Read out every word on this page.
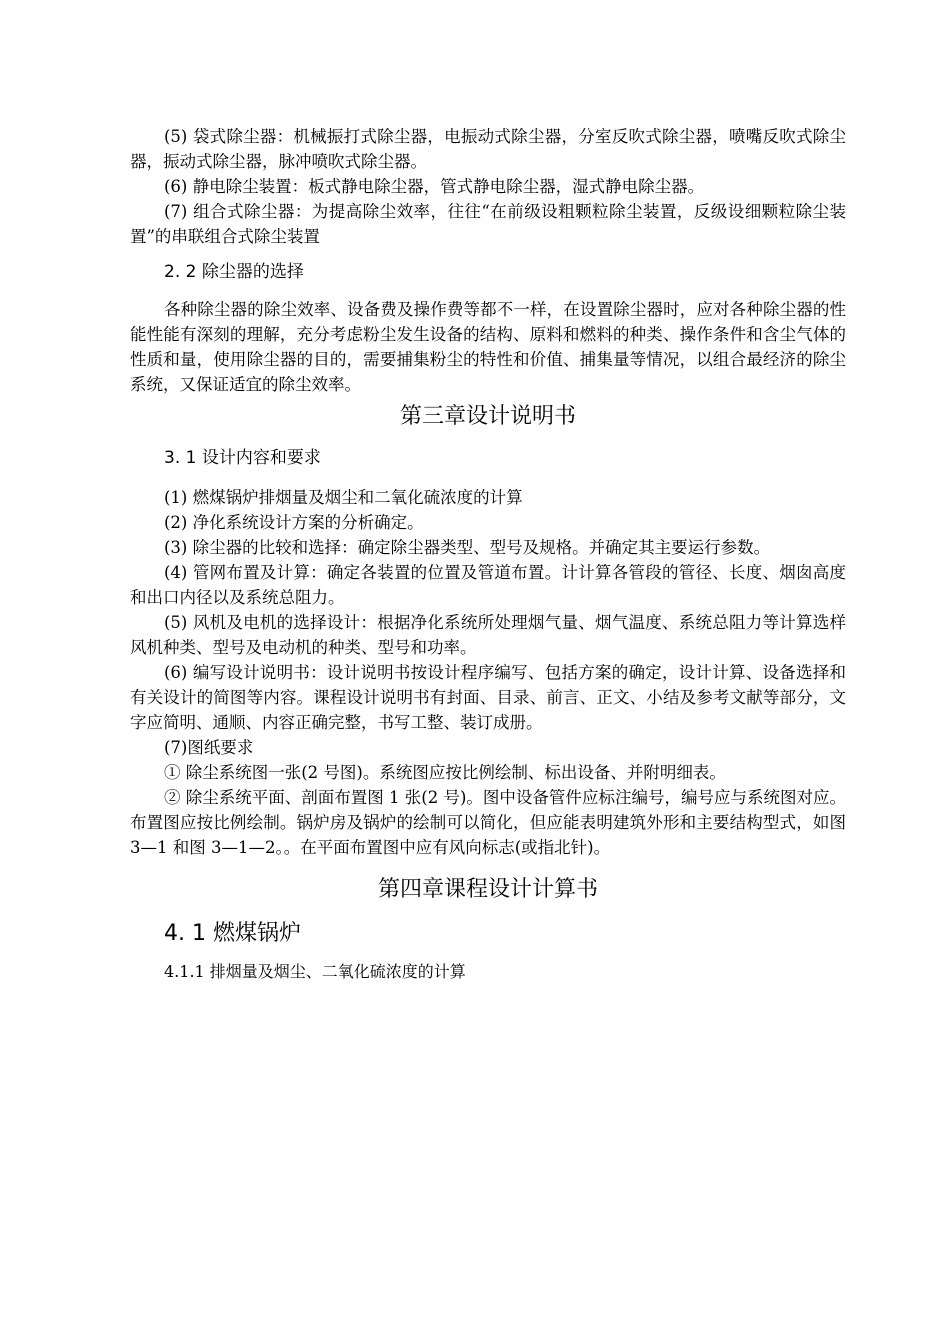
(5) 袋式除尘器：机械振打式除尘器，电振动式除尘器，分室反吹式除尘器，喷嘴反吹式除尘器，振动式除尘器，脉冲喷吹式除尘器。

(6) 静电除尘装置：板式静电除尘器，管式静电除尘器，湿式静电除尘器。

(7) 组合式除尘器：为提高除尘效率，往往“在前级设粗颗粒除尘装置，反级设细颗粒除尘装置”的串联组合式除尘装置

2. 2 除尘器的选择

各种除尘器的除尘效率、设备费及操作费等都不一样，在设置除尘器时，应对各种除尘器的性能性能有深刻的理解，充分考虑粉尘发生设备的结构、原料和燃料的种类、操作条件和含尘气体的性质和量，使用除尘器的目的，需要捕集粉尘的特性和价值、捕集量等情况，以组合最经济的除尘系统，又保证适宜的除尘效率。

第三章设计说明书
3. 1 设计内容和要求

(1) 燃煤锅炉排烟量及烟尘和二氧化硫浓度的计算

(2) 净化系统设计方案的分析确定。

(3) 除尘器的比较和选择：确定除尘器类型、型号及规格。并确定其主要运行参数。

(4) 管网布置及计算：确定各装置的位置及管道布置。计计算各管段的管径、长度、烟囱高度和出口内径以及系统总阻力。

(5) 风机及电机的选择设计：根据净化系统所处理烟气量、烟气温度、系统总阻力等计算选样风机种类、型号及电动机的种类、型号和功率。

(6) 编写设计说明书：设计说明书按设计程序编写、包括方案的确定，设计计算、设备选择和有关设计的简图等内容。课程设计说明书有封面、目录、前言、正文、小结及参考文献等部分，文字应简明、通顺、内容正确完整，书写工整、装订成册。

(7)图纸要求

① 除尘系统图一张(2 号图)。系统图应按比例绘制、标出设备、并附明细表。

② 除尘系统平面、剖面布置图 1 张(2 号)。图中设备管件应标注编号，编号应与系统图对应。布置图应按比例绘制。锅炉房及锅炉的绘制可以简化，但应能表明建筑外形和主要结构型式，如图 3—1 和图 3—1—2。。在平面布置图中应有风向标志(或指北针)。

第四章课程设计计算书
4. 1 燃煤锅炉
4.1.1 排烟量及烟尘、二氧化硫浓度的计算
